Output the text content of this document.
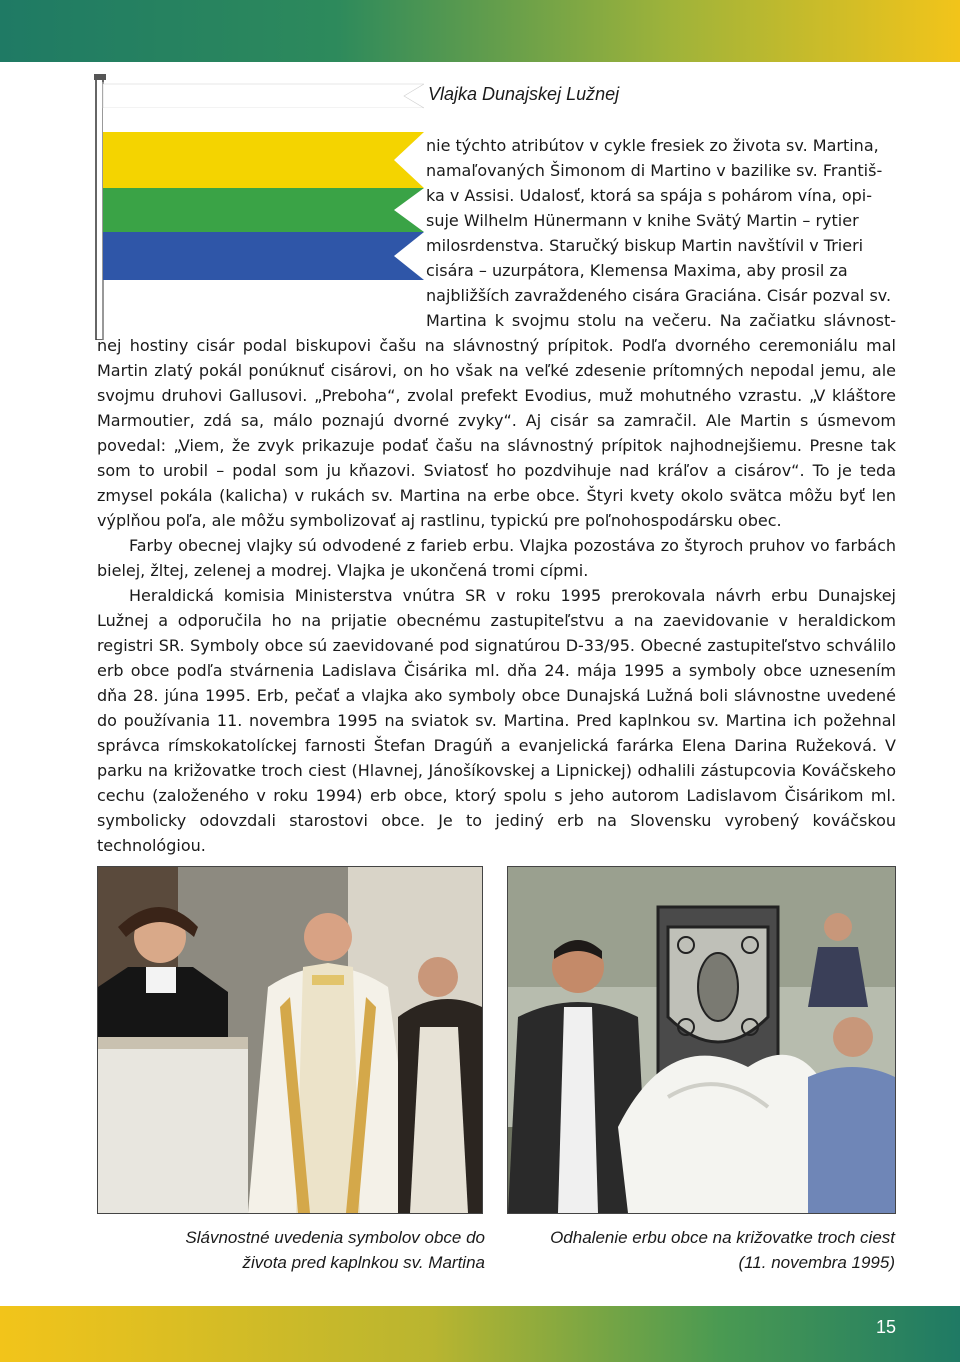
Vlajka Dunajskej Lužnej
nie týchto atribútov v cykle fresiek zo života sv. Martina,
namaľovaných Šimonom di Martino v bazilike sv. Františ-
ka v Assisi. Udalosť, ktorá sa spája s pohárom vína, opi-
suje Wilhelm Hünermann v knihe Svätý Martin – rytier
milosrdenstva. Staručký biskup Martin navštívil v Trieri
cisára – uzurpátora, Klemensa Maxima, aby prosil za
najbližších zavraždeného cisára Graciána. Cisár pozval sv.
Martina k svojmu stolu na večeru. Na začiatku slávnost-

nej hostiny cisár podal biskupovi čašu na slávnostný prípitok. Podľa dvorného ceremoniálu mal Martin zlatý pokál ponúknuť cisárovi, on ho však na veľké zdesenie prítomných nepodal jemu, ale svojmu druhovi Gallusovi. „Preboha“, zvolal prefekt Evodius, muž mohutného vzrastu. „V kláštore Marmoutier, zdá sa, málo poznajú dvorné zvyky“. Aj cisár sa zamračil. Ale Martin s úsmevom povedal: „Viem, že zvyk prikazuje podať čašu na slávnostný prípitok najhodnejšiemu. Presne tak som to urobil – podal som ju kňazovi. Sviatosť ho pozdvihuje nad kráľov a cisárov“. To je teda zmysel pokála (kalicha) v rukách sv. Martina na erbe obce. Štyri kvety okolo svätca môžu byť len výplňou poľa, ale môžu symbolizovať aj rastlinu, typickú pre poľnohospodársku obec.

Farby obecnej vlajky sú odvodené z farieb erbu. Vlajka pozostáva zo štyroch pruhov vo farbách bielej, žltej, zelenej a modrej. Vlajka je ukončená tromi cípmi.

Heraldická komisia Ministerstva vnútra SR v roku 1995 prerokovala návrh erbu Dunajskej Lužnej a odporučila ho na prijatie obecnému zastupiteľstvu a na zaevidovanie v heraldickom registri SR. Symboly obce sú zaevidované pod signatúrou D-33/95. Obecné zastupiteľstvo schválilo erb obce podľa stvárnenia Ladislava Čisárika ml. dňa 24. mája 1995 a symboly obce uznesením dňa 28. júna 1995. Erb, pečať a vlajka ako symboly obce Dunajská Lužná boli slávnostne uvedené do používania 11. novembra 1995 na sviatok sv. Martina. Pred kaplnkou sv. Martina ich požehnal správca rímskokatolíckej farnosti Štefan Dragúň a evanjelická farárka Elena Darina Ružeková. V parku na križovatke troch ciest (Hlavnej, Jánošíkovskej a Lipnickej) odhalili zástupcovia Kováčskeho cechu (založeného v roku 1994) erb obce, ktorý spolu s jeho autorom Ladislavom Čisárikom ml. symbolicky odovzdali starostovi obce. Je to jediný erb na Slovensku vyrobený kováčskou technológiou.

Slávnostné uvedenia symbolov obce do
života pred kaplnkou sv. Martina
Odhalenie erbu obce na križovatke troch ciest
(11. novembra 1995)
15
